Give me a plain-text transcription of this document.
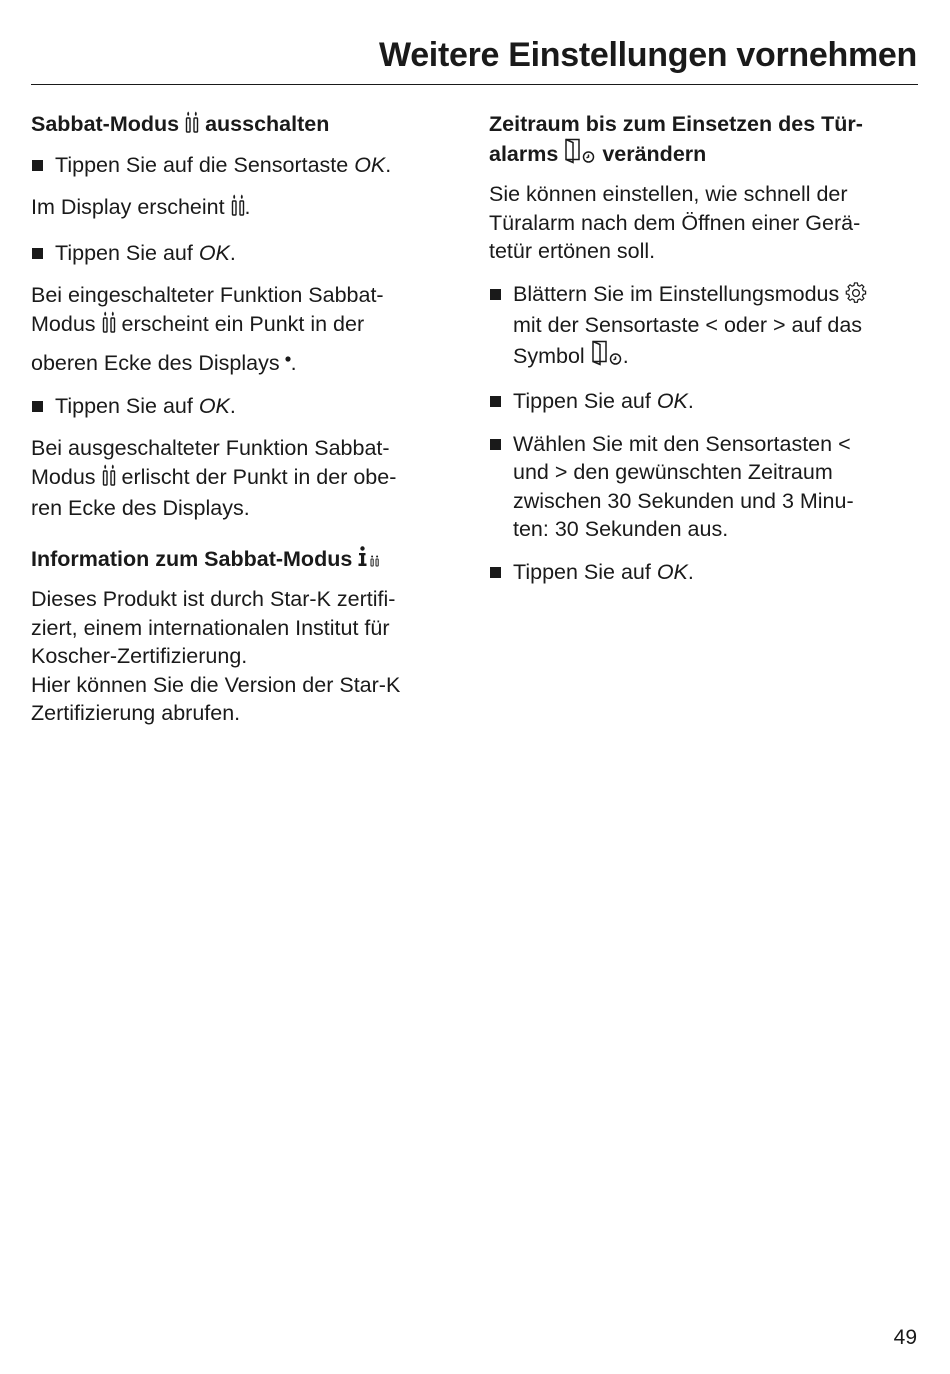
Weitere Einstellungen vornehmen
Sabbat-Modus ausschalten
Tippen Sie auf die Sensortaste OK.
Im Display erscheint .
Tippen Sie auf OK.
Bei eingeschalteter Funktion Sabbat-
Modus erscheint ein Punkt in der
oberen Ecke des Displays .
Tippen Sie auf OK.
Bei ausgeschalteter Funktion Sabbat-
Modus erlischt der Punkt in der obe-
ren Ecke des Displays.
Information zum Sabbat-Modus
Dieses Produkt ist durch Star-K zertifi-
ziert, einem internationalen Institut für
Koscher-Zertifizierung.
Hier können Sie die Version der Star-K
Zertifizierung abrufen.
Zeitraum bis zum Einsetzen des Tür-
alarms verändern
Sie können einstellen, wie schnell der
Türalarm nach dem Öffnen einer Gerä-
tetür ertönen soll.
Blättern Sie im Einstellungsmodus
mit der Sensortaste < oder > auf das
Symbol .
Tippen Sie auf OK.
Wählen Sie mit den Sensortasten <
und > den gewünschten Zeitraum
zwischen 30 Sekunden und 3 Minu-
ten: 30 Sekunden aus.
Tippen Sie auf OK.
49
